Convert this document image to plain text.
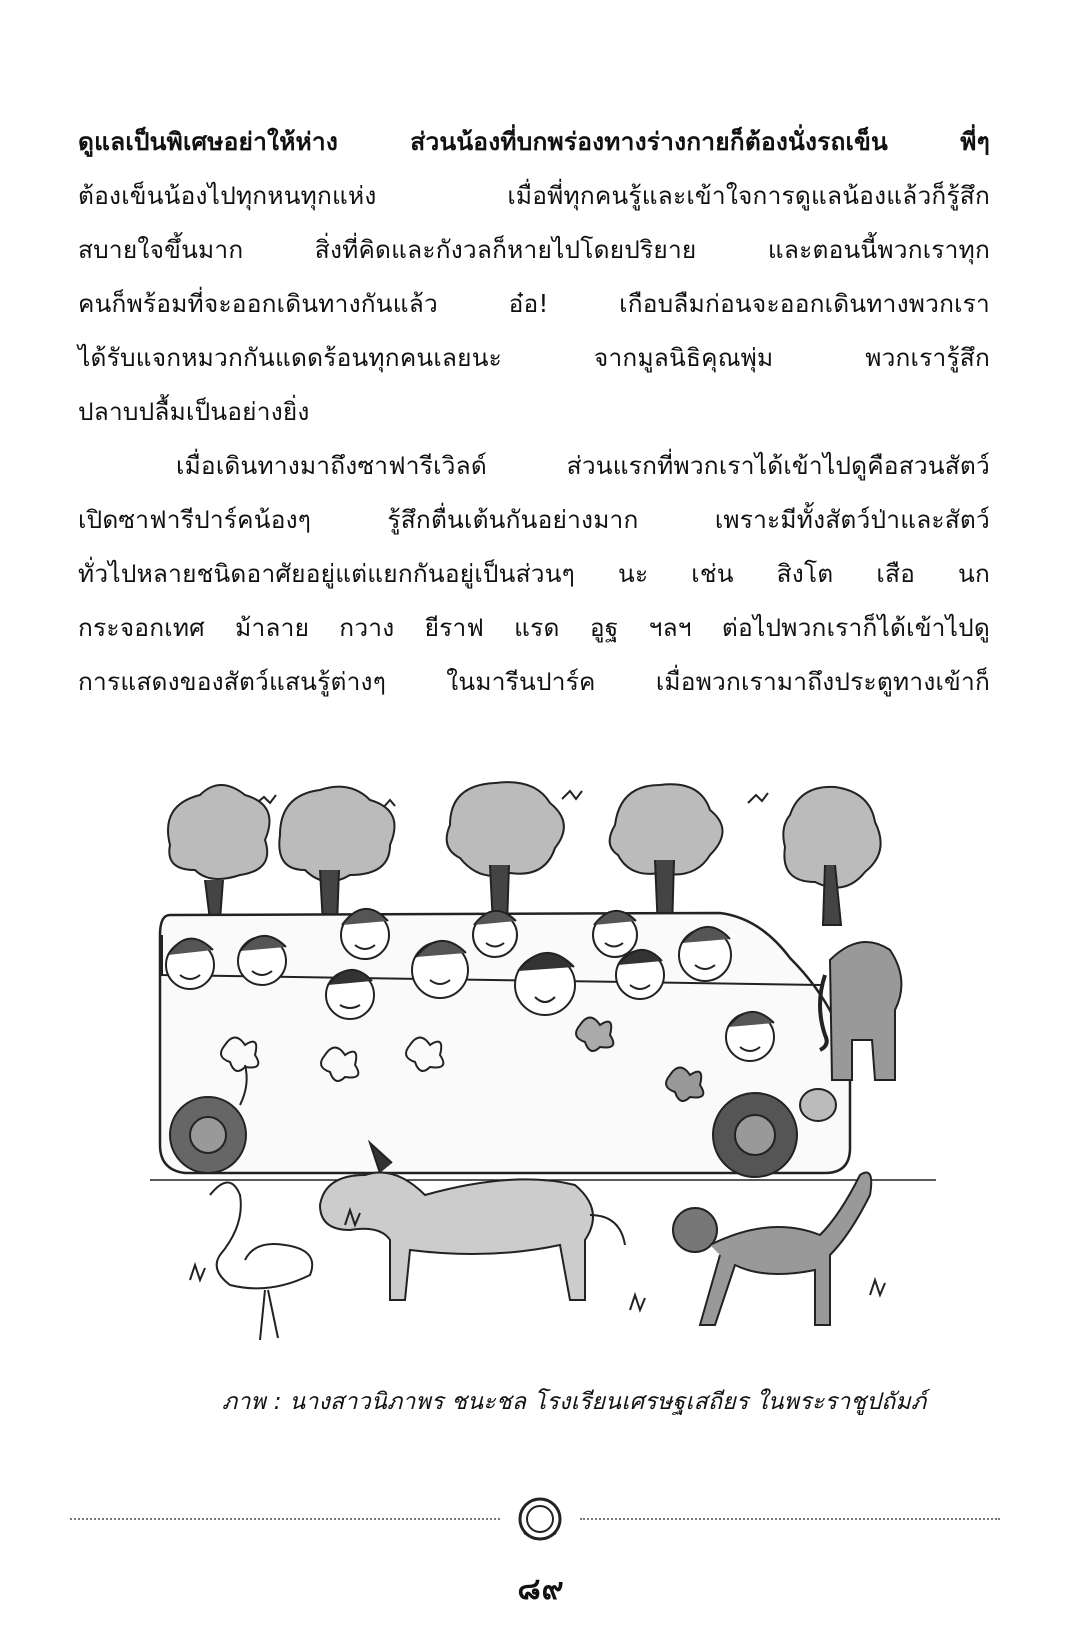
ดูแลเป็นพิเศษอย่าให้ห่าง ส่วนน้องที่บกพร่องทางร่างกายก็ต้องนั่งรถเข็น พี่ๆ
ต้องเข็นน้องไปทุกหนทุกแห่ง เมื่อพี่ทุกคนรู้และเข้าใจการดูแลน้องแล้วก็รู้สึก
สบายใจขึ้นมาก สิ่งที่คิดและกังวลก็หายไปโดยปริยาย และตอนนี้พวกเราทุก
คนก็พร้อมที่จะออกเดินทางกันแล้ว อ๋อ! เกือบลืมก่อนจะออกเดินทางพวกเรา
ได้รับแจกหมวกกันแดดร้อนทุกคนเลยนะ จากมูลนิธิคุณพุ่ม พวกเรารู้สึก
ปลาบปลื้มเป็นอย่างยิ่ง
เมื่อเดินทางมาถึงซาฟารีเวิลด์ ส่วนแรกที่พวกเราได้เข้าไปดูคือสวนสัตว์
เปิดซาฟารีปาร์คน้องๆ รู้สึกตื่นเต้นกันอย่างมาก เพราะมีทั้งสัตว์ป่าและสัตว์
ทั่วไปหลายชนิดอาศัยอยู่แต่แยกกันอยู่เป็นส่วนๆ นะ เช่น สิงโต เสือ นก
กระจอกเทศ ม้าลาย กวาง ยีราฟ แรด อูฐ ฯลฯ ต่อไปพวกเราก็ได้เข้าไปดู
การแสดงของสัตว์แสนรู้ต่างๆ ในมารีนปาร์ค เมื่อพวกเรามาถึงประตูทางเข้าก็
ภาพ : นางสาวนิภาพร ชนะชล โรงเรียนเศรษฐเสถียร ในพระราชูปถัมภ์
๘๙
